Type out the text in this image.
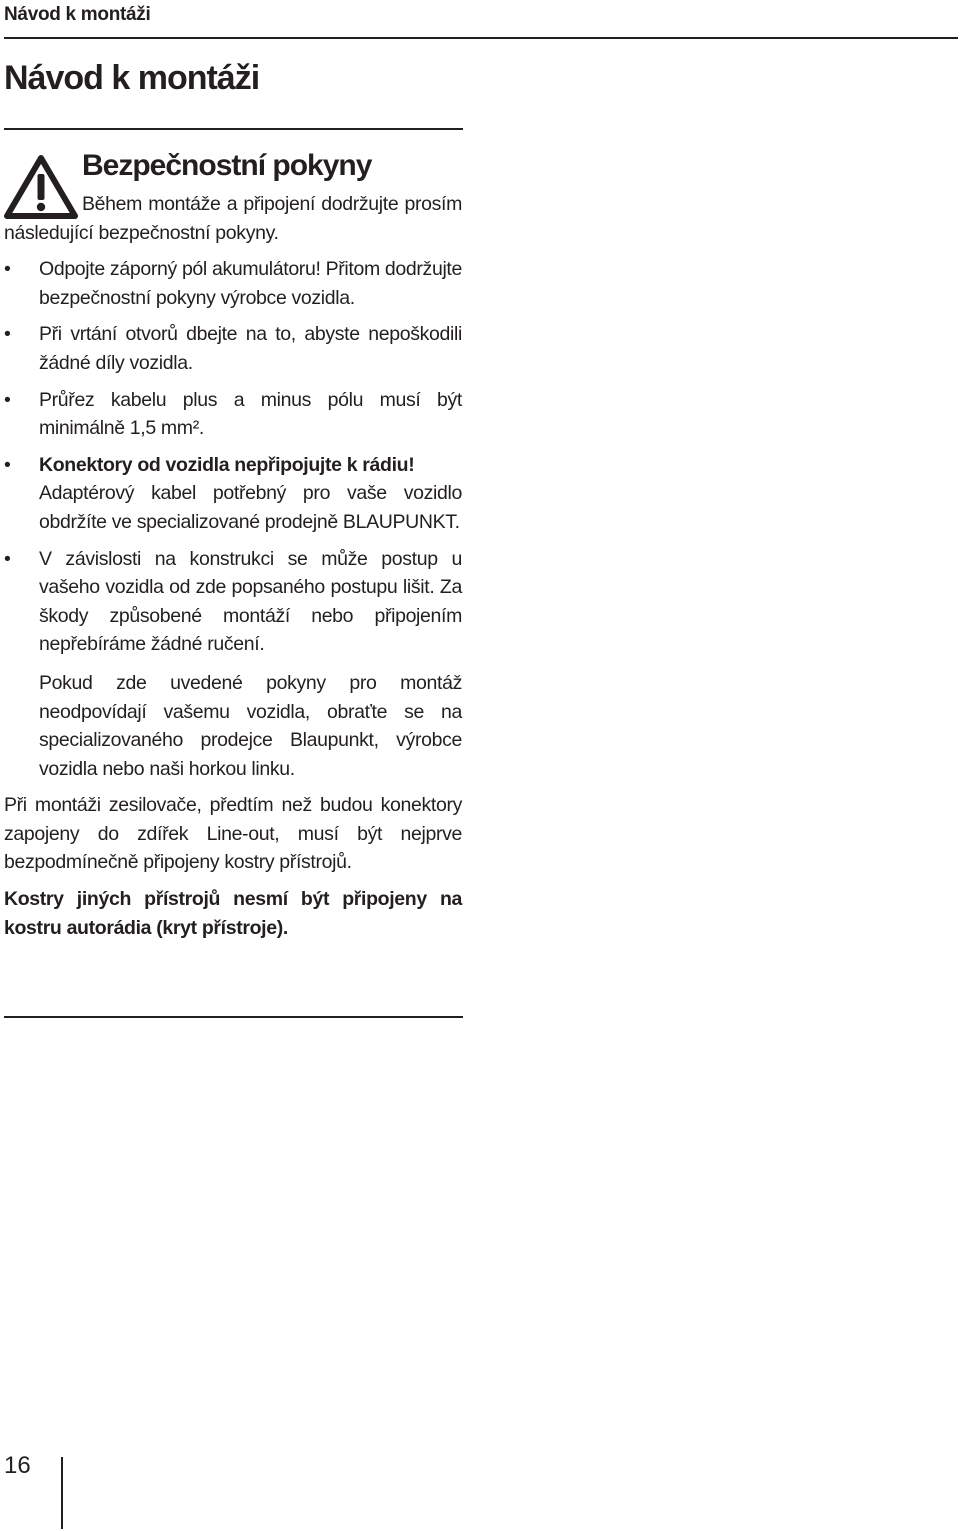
Návod k montáži
Návod k montáži
Bezpečnostní pokyny

Během montáže a připojení dodržujte prosím následující bezpečnostní pokyny.

•	Odpojte záporný pól akumulátoru! Přitom dodržujte bezpečnostní pokyny výrobce vozidla.
•	Při vrtání otvorů dbejte na to, abyste nepoškodili žádné díly vozidla.
•	Průřez kabelu plus a minus pólu musí být minimálně 1,5 mm².
•	Konektory od vozidla nepřipojujte k rádiu!
Adaptérový kabel potřebný pro vaše vozidlo obdržíte ve specializované prodejně BLAUPUNKT.
•	V závislosti na konstrukci se může postup u vašeho vozidla od zde popsaného postupu lišit. Za škody způsobené montáží nebo připojením nepřebíráme žádné ručení.

Pokud zde uvedené pokyny pro montáž neodpovídají vašemu vozidla, obraťte se na specializovaného prodejce Blaupunkt, výrobce vozidla nebo naši horkou linku.

Při montáži zesilovače, předtím než budou konektory zapojeny do zdířek Line-out, musí být nejprve bezpodmínečně připojeny kostry přístrojů.

Kostry jiných přístrojů nesmí být připojeny na kostru autorádia (kryt přístroje).

16
